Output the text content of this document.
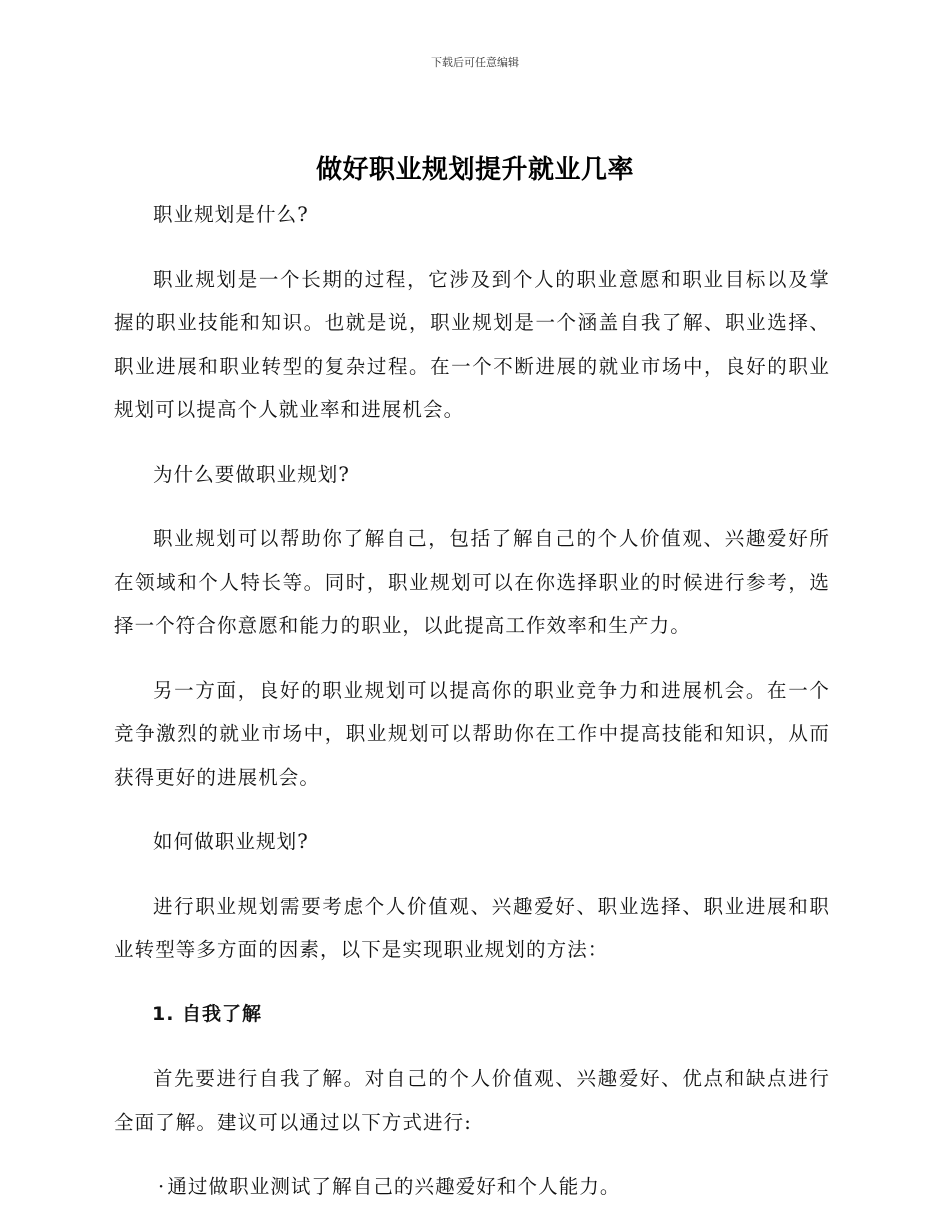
下载后可任意编辑
做好职业规划提升就业几率

职业规划是什么?

职业规划是一个长期的过程，它涉及到个人的职业意愿和职业目标以及掌握的职业技能和知识。也就是说，职业规划是一个涵盖自我了解、职业选择、职业进展和职业转型的复杂过程。在一个不断进展的就业市场中，良好的职业规划可以提高个人就业率和进展机会。

为什么要做职业规划?

职业规划可以帮助你了解自己，包括了解自己的个人价值观、兴趣爱好所在领域和个人特长等。同时，职业规划可以在你选择职业的时候进行参考，选择一个符合你意愿和能力的职业，以此提高工作效率和生产力。

另一方面，良好的职业规划可以提高你的职业竞争力和进展机会。在一个竞争激烈的就业市场中，职业规划可以帮助你在工作中提高技能和知识，从而获得更好的进展机会。

如何做职业规划?

进行职业规划需要考虑个人价值观、兴趣爱好、职业选择、职业进展和职业转型等多方面的因素，以下是实现职业规划的方法：

1. 自我了解

首先要进行自我了解。对自己的个人价值观、兴趣爱好、优点和缺点进行全面了解。建议可以通过以下方式进行:

· 通过做职业测试了解自己的兴趣爱好和个人能力。
